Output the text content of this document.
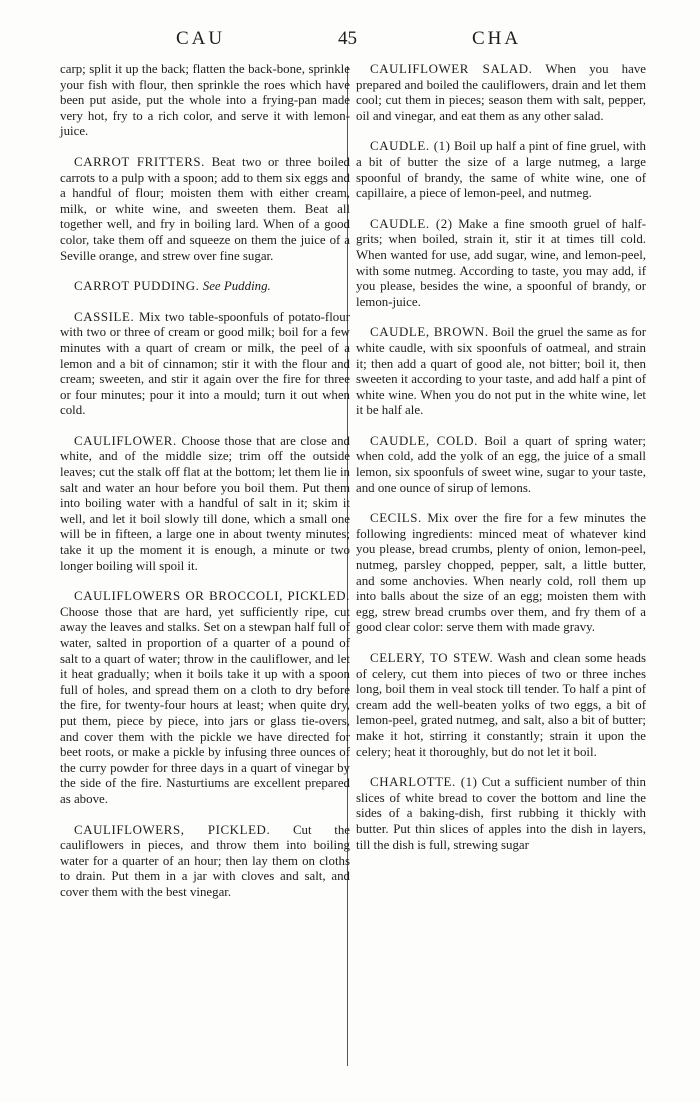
CAU	45	CHA

carp; split it up the back; flatten the back-bone, sprinkle your fish with flour, then sprinkle the roes which have been put aside, put the whole into a frying-pan made very hot, fry to a rich color, and serve it with lemon-juice.

CARROT FRITTERS. Beat two or three boiled carrots to a pulp with a spoon; add to them six eggs and a handful of flour; moisten them with either cream, milk, or white wine, and sweeten them. Beat all together well, and fry in boiling lard. When of a good color, take them off and squeeze on them the juice of a Seville orange, and strew over fine sugar.

CARROT PUDDING. See Pudding.

CASSILE. Mix two table-spoonfuls of potato-flour with two or three of cream or good milk; boil for a few minutes with a quart of cream or milk, the peel of a lemon and a bit of cinnamon; stir it with the flour and cream; sweeten, and stir it again over the fire for three or four minutes; pour it into a mould; turn it out when cold.

CAULIFLOWER. Choose those that are close and white, and of the middle size; trim off the outside leaves; cut the stalk off flat at the bottom; let them lie in salt and water an hour before you boil them. Put them into boiling water with a handful of salt in it; skim it well, and let it boil slowly till done, which a small one will be in fifteen, a large one in about twenty minutes; take it up the moment it is enough, a minute or two longer boiling will spoil it.

CAULIFLOWERS OR BROCCOLI, PICKLED. Choose those that are hard, yet sufficiently ripe, cut away the leaves and stalks. Set on a stewpan half full of water, salted in proportion of a quarter of a pound of salt to a quart of water; throw in the cauliflower, and let it heat gradually; when it boils take it up with a spoon full of holes, and spread them on a cloth to dry before the fire, for twenty-four hours at least; when quite dry, put them, piece by piece, into jars or glass tie-overs, and cover them with the pickle we have directed for beet roots, or make a pickle by infusing three ounces of the curry powder for three days in a quart of vinegar by the side of the fire. Nasturtiums are excellent prepared as above.

CAULIFLOWERS, PICKLED. Cut the cauliflowers in pieces, and throw them into boiling water for a quarter of an hour; then lay them on cloths to drain. Put them in a jar with cloves and salt, and cover them with the best vinegar.

CAULIFLOWER SALAD. When you have prepared and boiled the cauliflowers, drain and let them cool; cut them in pieces; season them with salt, pepper, oil and vinegar, and eat them as any other salad.

CAUDLE. (1) Boil up half a pint of fine gruel, with a bit of butter the size of a large nutmeg, a large spoonful of brandy, the same of white wine, one of capillaire, a piece of lemon-peel, and nutmeg.

CAUDLE. (2) Make a fine smooth gruel of half-grits; when boiled, strain it, stir it at times till cold. When wanted for use, add sugar, wine, and lemon-peel, with some nutmeg. According to taste, you may add, if you please, besides the wine, a spoonful of brandy, or lemon-juice.

CAUDLE, BROWN. Boil the gruel the same as for white caudle, with six spoonfuls of oatmeal, and strain it; then add a quart of good ale, not bitter; boil it, then sweeten it according to your taste, and add half a pint of white wine. When you do not put in the white wine, let it be half ale.

CAUDLE, COLD. Boil a quart of spring water; when cold, add the yolk of an egg, the juice of a small lemon, six spoonfuls of sweet wine, sugar to your taste, and one ounce of sirup of lemons.

CECILS. Mix over the fire for a few minutes the following ingredients: minced meat of whatever kind you please, bread crumbs, plenty of onion, lemon-peel, nutmeg, parsley chopped, pepper, salt, a little butter, and some anchovies. When nearly cold, roll them up into balls about the size of an egg; moisten them with egg, strew bread crumbs over them, and fry them of a good clear color: serve them with made gravy.

CELERY, TO STEW. Wash and clean some heads of celery, cut them into pieces of two or three inches long, boil them in veal stock till tender. To half a pint of cream add the well-beaten yolks of two eggs, a bit of lemon-peel, grated nutmeg, and salt, also a bit of butter; make it hot, stirring it constantly; strain it upon the celery; heat it thoroughly, but do not let it boil.

CHARLOTTE. (1) Cut a sufficient number of thin slices of white bread to cover the bottom and line the sides of a baking-dish, first rubbing it thickly with butter. Put thin slices of apples into the dish in layers, till the dish is full, strewing sugar
